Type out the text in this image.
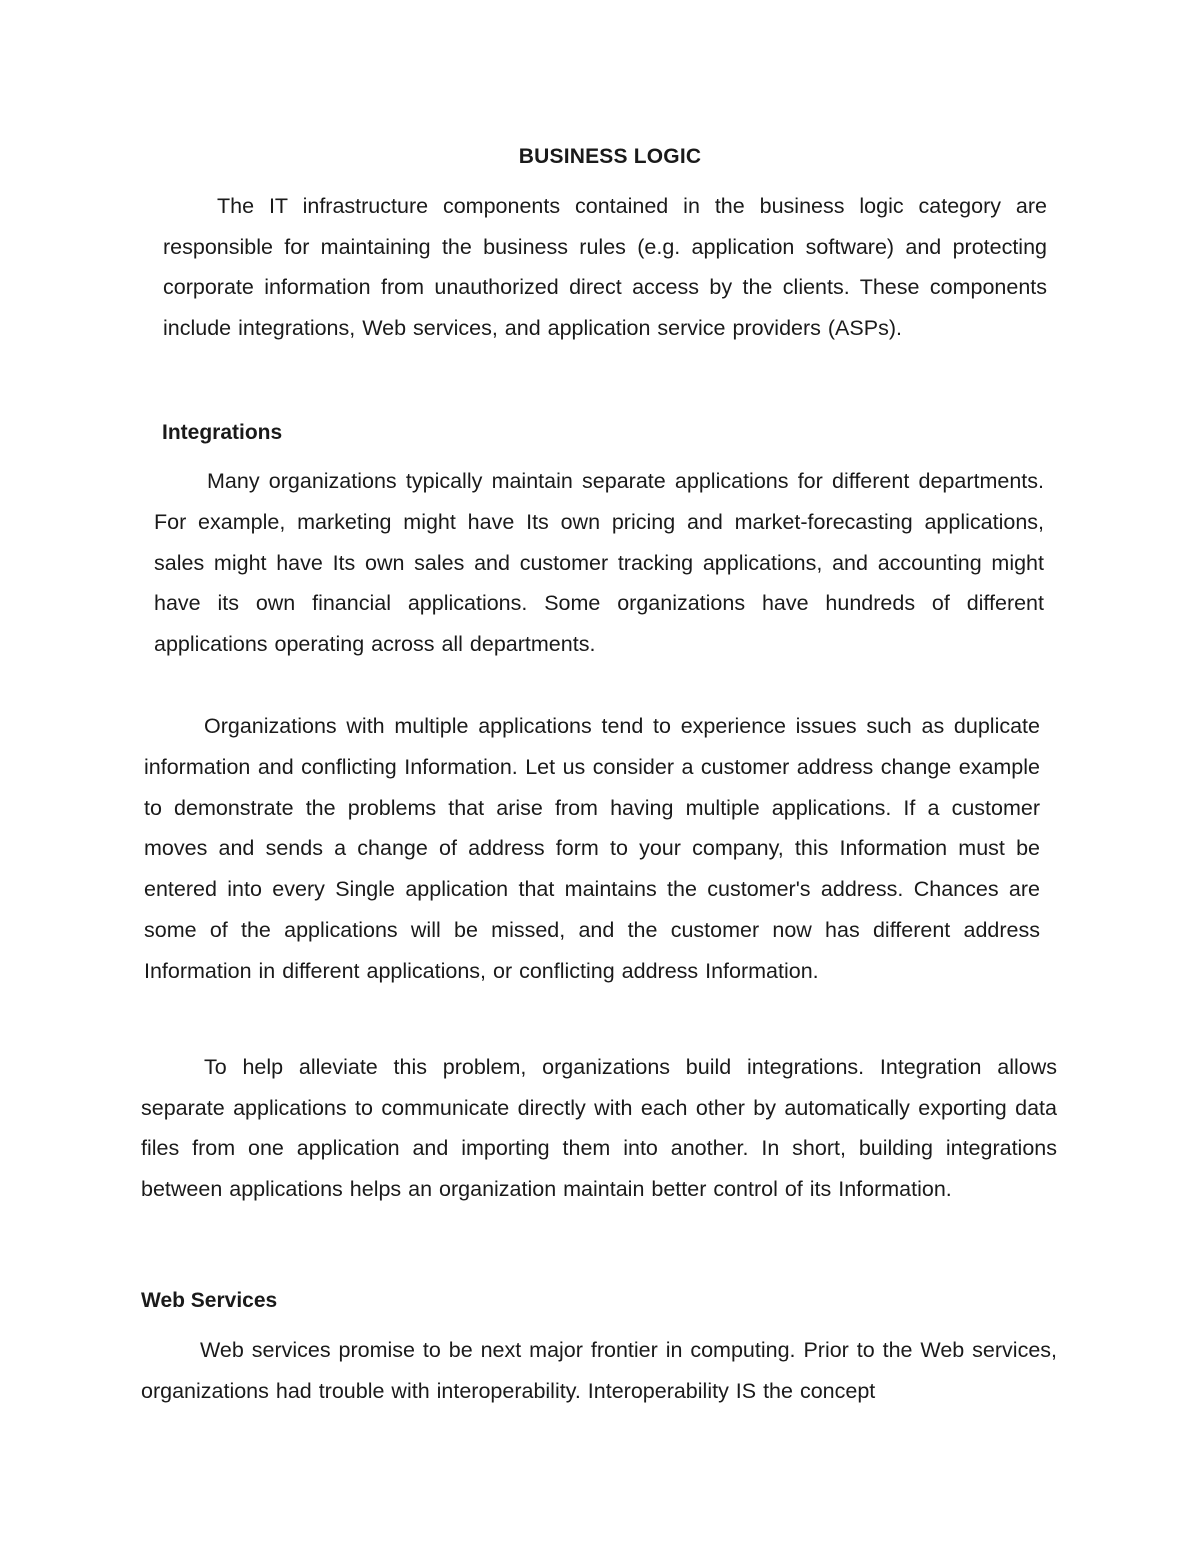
BUSINESS LOGIC

The IT infrastructure components contained in the business logic category are responsible for maintaining the business rules (e.g. application software) and protecting corporate information from unauthorized direct access by the clients. These components include integrations, Web services, and application service providers (ASPs).

Integrations

Many organizations typically maintain separate applications for different departments. For example, marketing might have Its own pricing and market-forecasting applications, sales might have Its own sales and customer tracking applications, and accounting might have its own financial applications. Some organizations have hundreds of different applications operating across all departments.

Organizations with multiple applications tend to experience issues such as duplicate information and conflicting Information. Let us consider a customer address change example to demonstrate the problems that arise from having multiple applications. If a customer moves and sends a change of address form to your company, this Information must be entered into every Single application that maintains the customer's address. Chances are some of the applications will be missed, and the customer now has different address Information in different applications, or conflicting address Information.

To help alleviate this problem, organizations build integrations. Integration allows separate applications to communicate directly with each other by automatically exporting data files from one application and importing them into another. In short, building integrations between applications helps an organization maintain better control of its Information.

Web Services

Web services promise to be next major frontier in computing. Prior to the Web services, organizations had trouble with interoperability. Interoperability IS the concept
